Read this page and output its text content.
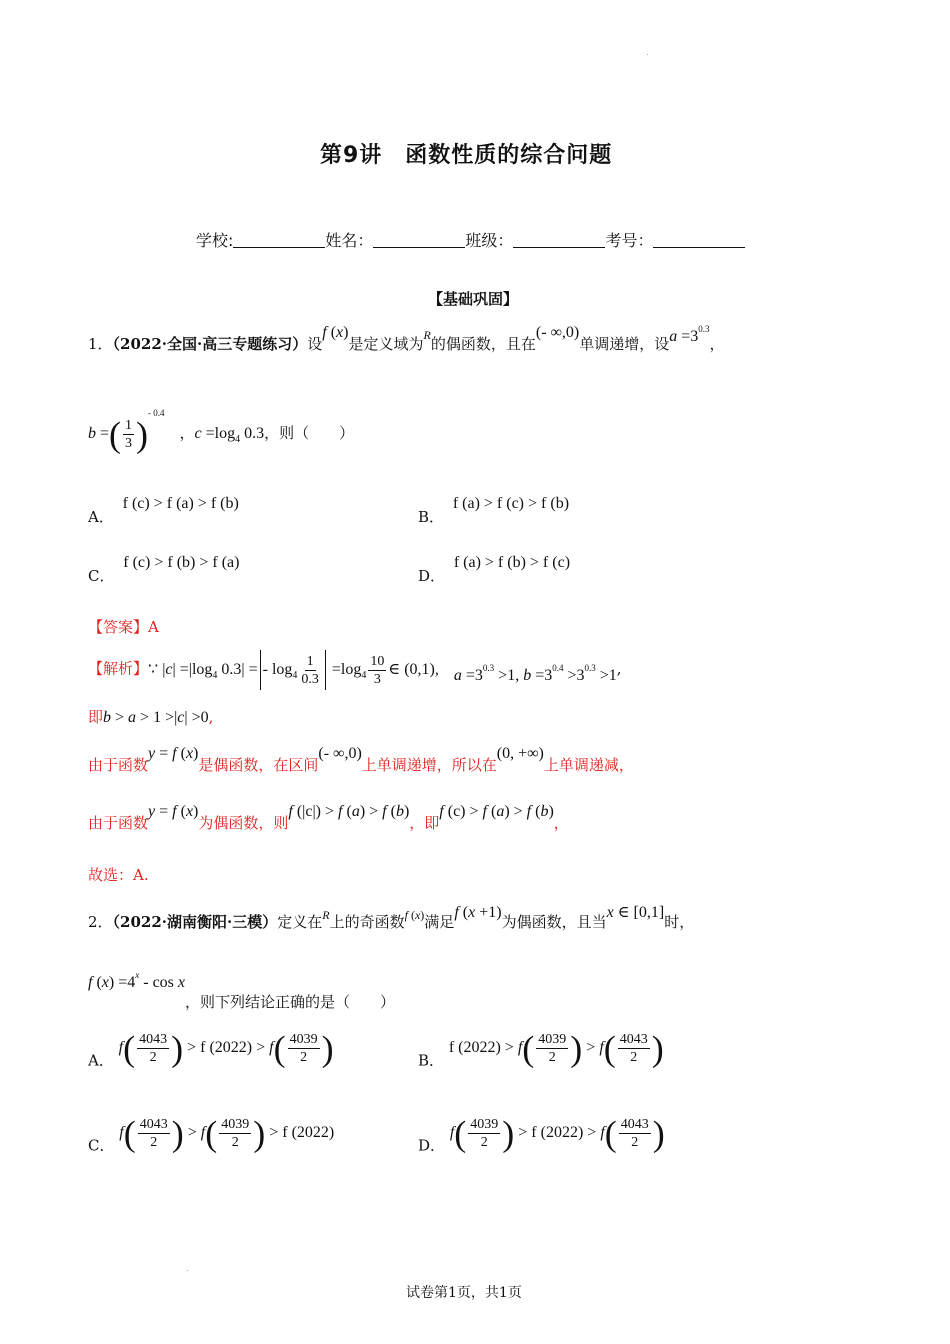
.
.
第9讲　函数性质的综合问题
学校:	姓名：	班级：	考号：
【基础巩固】
1．（2022·全国·高三专题练习）设f (x)是定义域为$^R$的偶函数，且在(- ∞,0)单调递增，设$a =3^{0.3}$，
b =( $\frac{1}{3} )^{- 0.4}$　，$c =\log_4$ 0.3，则（　　）
A． f (c) > f (a) > f (b)
B． f (a) > f (c) > f (b)
C． f (c) > f (b) > f (a)
D． f (a) > f (b) > f (c)
【答案】A
【解析】∵ $|c| =|\log_4$ 0.3| = - $\log_4 \frac{1}{0.3} =\log_4 \frac{10}{3}$ ∈ (0,1),　 $a =3^{0.3} >1$, $b =3^{0.4} >3^{0.3} >1$,
即b > a > 1 >|c| >0,
由于函数y = f (x)是偶函数，在区间(- ∞,0)上单调递增，所以在(0, +∞)上单调递减，
由于函数y = f (x)为偶函数，则f (|c|) > f (a) > f (b)，即f (c) > f (a) > f (b)，
故选：A.
2．（2022·湖南衡阳·三模）定义在$^R$上的奇函数$^{f (x)}$满足f (x +1)为偶函数，且当x ∈ [0,1]时，
f $(x) =4^x - \cos x$，则下列结论正确的是（　　）
A． $f( \frac{4043}{2}$ ) > f $(2022) > f( \frac{4039}{2}$ )	B． f $(2022) > f( \frac{4039}{2}$ ) > $f( \frac{4043}{2}$ )
C． $f( \frac{4043}{2}$ ) > $f( \frac{4039}{2}$ ) > f (2022)
D． $f( \frac{4039}{2}$ ) > f $(2022) > f( \frac{4043}{2}$ )
试卷第1页，共1页
